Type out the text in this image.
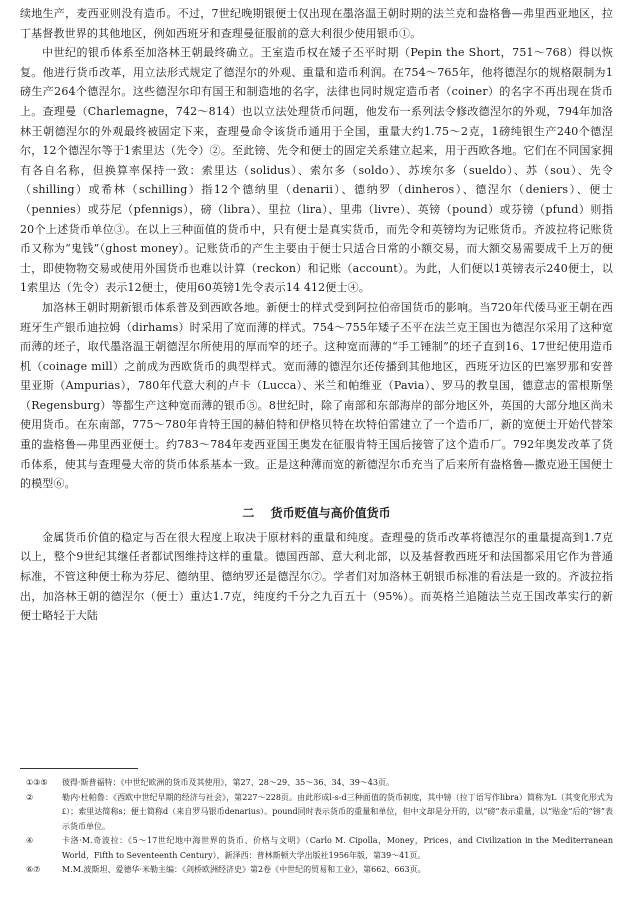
续地生产，麦西亚则没有造币。不过，7世纪晚期银便士仅出现在墨洛温王朝时期的法兰克和盎格鲁—弗里西亚地区，拉丁基督教世界的其他地区，例如西班牙和查理曼征服前的意大利很少使用银币①。

中世纪的银币体系至加洛林王朝最终确立。王室造币权在矮子丕平时期（Pepin the Short，751～768）得以恢复。他进行货币改革，用立法形式规定了德涅尔的外观、重量和造币利润。在754～765年，他将德涅尔的规格限制为1磅生产264个德涅尔。这些德涅尔印有国王和制造地的名字，法律也同时规定造币者（coiner）的名字不再出现在货币上。查理曼（Charlemagne，742～814）也以立法处理货币问题，他发布一系列法令修改德涅尔的外观，794年加洛林王朝德涅尔的外观最终被固定下来，查理曼命令该货币通用于全国，重量大约1.75～2克，1磅纯银生产240个德涅尔，12个德涅尔等于1索里达（先令）②。至此镑、先令和便士的固定关系建立起来，用于西欧各地。它们在不同国家拥有各自名称，但换算率保持一致：索里达（solidus）、索尔多（soldo）、苏埃尔多（sueldo）、苏（sou）、先令（shilling）或希林（schilling）指12个德纳里（denarii）、德纳罗（dinheros）、德涅尔（deniers）、便士（pennies）或芬尼（pfennigs），磅（libra）、里拉（lira）、里弗（livre）、英镑（pound）或芬镑（pfund）则指20个上述货币单位③。在以上三种面值的货币中，只有便士是真实货币，而先令和英镑均为记账货币。齐波拉将记账货币又称为“鬼钱”（ghost money）。记账货币的产生主要由于便士只适合日常的小额交易，而大额交易需要成千上万的便士，即使物物交易或使用外国货币也难以计算（reckon）和记账（account）。为此，人们便以1英镑表示240便士，以1索里达（先令）表示12便士，使用60英镑1先令表示14 412便士④。

加洛林王朝时期新银币体系普及到西欧各地。新便士的样式受到阿拉伯帝国货币的影响。当720年代倭马亚王朝在西班牙生产银币迪拉姆（dirhams）时采用了宽而薄的样式。754～755年矮子丕平在法兰克王国也为德涅尔采用了这种宽而薄的坯子，取代墨洛温王朝德涅尔所使用的厚而窄的坯子。这种宽而薄的“手工锤制”的坯子直到16、17世纪使用造币机（coinage mill）之前成为西欧货币的典型样式。宽而薄的德涅尔还传播到其他地区，西班牙边区的巴塞罗那和安普里亚斯（Ampurias），780年代意大利的卢卡（Lucca）、米兰和帕维亚（Pavia）、罗马的教皇国，德意志的雷根斯堡（Regensburg）等都生产这种宽而薄的银币⑤。8世纪时，除了南部和东部海岸的部分地区外，英国的大部分地区尚未使用货币。在东南部，775～780年肯特王国的赫伯特和伊格贝特在坎特伯雷建立了一个造币厂，新的宽便士开始代替笨重的盎格鲁—弗里西亚便士。约783～784年麦西亚国王奥发在征服肯特王国后接管了这个造币厂。792年奥发改革了货币体系，使其与查理曼大帝的货币体系基本一致。正是这种薄而宽的新德涅尔币充当了后来所有盎格鲁—撒克逊王国便士的模型⑥。

二 货币贬值与高价值货币

金属货币价值的稳定与否在很大程度上取决于原材料的重量和纯度。查理曼的货币改革将德涅尔的重量提高到1.7克以上，整个9世纪其继任者都试图维持这样的重量。德国西部、意大利北部，以及基督教西班牙和法国都采用它作为普通标准，不管这种便士称为芬尼、德纳里、德纳罗还是德涅尔⑦。学者们对加洛林王朝银币标准的看法是一致的。齐波拉指出，加洛林王朝的德涅尔（便士）重达1.7克，纯度约千分之九百五十（95%）。而英格兰追随法兰克王国改革实行的新便士略轻于大陆

①③⑤	彼得·斯普福特：《中世纪欧洲的货币及其使用》，第27、28～29、35～36、34、39～43页。
②	勒内·杜帕鲁：《西欧中世纪早期的经济与社会》，第227～228页。由此形成l-s-d三种面值的货币制度，其中镑（拉丁语写作libra）简称为L（其变化形式为₤）；索里达简称s；便士简称d（来自罗马银币denarius）。pound同时表示货币的重量和单位，但中文却是分开的，以“磅”表示重量，以“贴金”后的“镑”表示货币单位。
④	卡洛·M.奇波拉：《5～17世纪地中海世界的货币、价格与文明》（Carlo M. Cipolla，Money，Prices，and Civilization in the Mediterranean World，Fifth to Seventeenth Century），新泽西：普林斯顿大学出版社1956年版，第39～41页。
⑥⑦	M.M.波斯坦、爱德华·米勒主编：《剑桥欧洲经济史》第2卷《中世纪的贸易和工业》，第662、663页。
